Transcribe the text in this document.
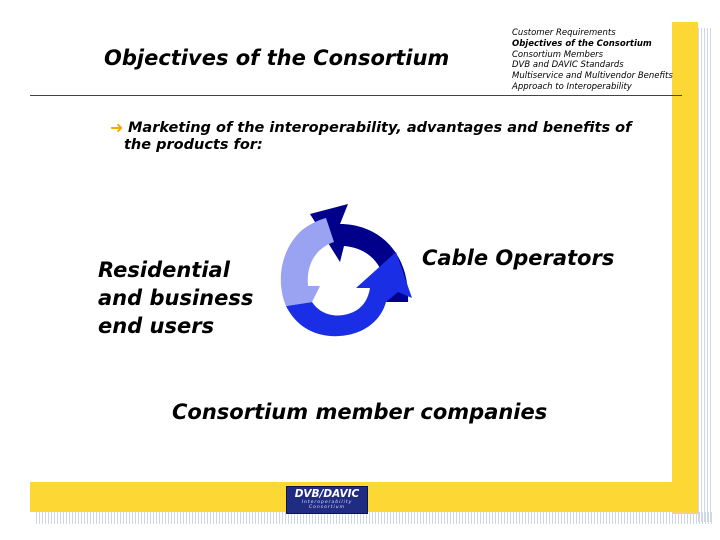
Objectives of the Consortium
Customer Requirements
Objectives of the Consortium
Consortium Members
DVB and DAVIC Standards
Multiservice and Multivendor Benefits
Approach to Interoperability
➜ Marketing of the interoperability, advantages and benefits of
the products for:
Residential and business end users
Cable Operators
Consortium member companies
DVB/DAVIC
Interoperability Consortium
